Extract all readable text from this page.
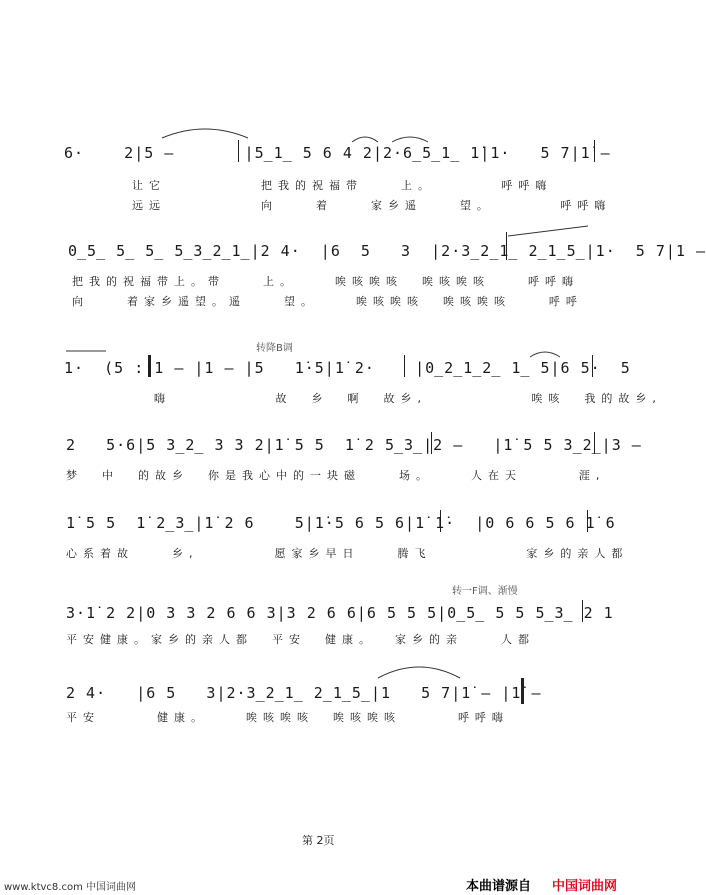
6·    2|5 –       |5̲1̲ 5 6 4 2|2·6̲5̲1̲ 1̇|1·   5 7|1̇ –
让它          把我的祝福带    上。       呼呼嗨
远远          向    着    家乡遥    望。       呼呼嗨
0̲5̲ 5̲ 5̲ 5̲3̲2̲1̲|2 4·  |6  5   3  |2·3̲2̲1̲ 2̲1̲5̲|1·  5 7|1 –
把我的祝福带上。带    上。    唉咳唉咳  唉咳唉咳    呼呼嗨
向    着家乡遥望。遥    望。    唉咳唉咳  唉咳唉咳    呼呼
转降B调
1·  (5 :|1 – |1 – |5   1̇·5|1̇ 2·    |0̲2̲1̲2̲ 1̲ 5|6 5·  5
嗨           故  乡  啊  故乡,           唉咳  我的故乡,
2   5·6|5 3̲2̲ 3 3 2|1̇ 5 5  1̇ 2 5̲3̲|2 –   |1̇ 5 5 3̲2̲|3 –
梦  中  的故乡  你是我心中的一块磁    场。    人在天      涯,
1̇ 5 5  1̇ 2̲3̲|1̇ 2 6    5|1̇·5 6 5 6|1̇ 1̇·  |0 6 6 5 6 1̇ 6
心系着故    乡,        愿家乡早日    腾飞          家乡的亲人都
转一F调、渐慢
3·1̇ 2 2|0 3 3 2 6 6 3|3 2 6 6|6 5 5 5|0̲5̲ 5 5 5̲3̲ 2 1
平安健康。家乡的亲人都  平安  健康。  家乡的亲    人都
2 4·   |6 5   3|2·3̲2̲1̲ 2̲1̲5̲|1   5 7|1̇ – |1̇ –
平安      健康。    唉咳唉咳  唉咳唉咳      呼呼嗨
第 2页
www.ktvc8.com 中国词曲网	本曲谱源自 中国词曲网
